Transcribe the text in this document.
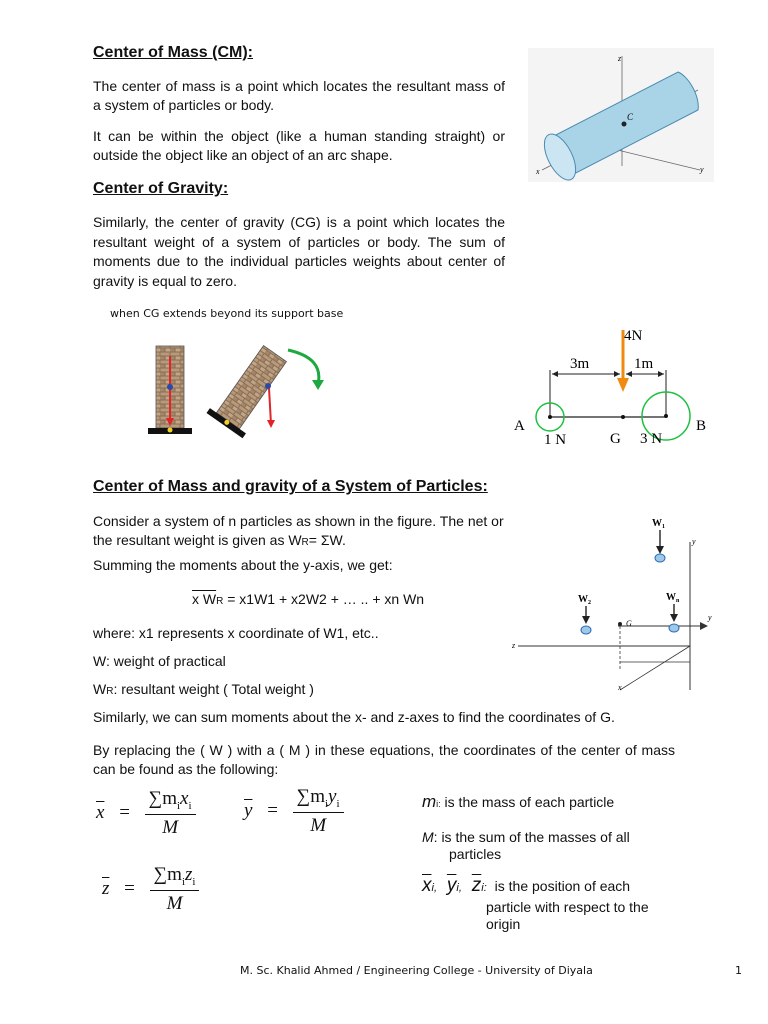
Center of Mass (CM):
The center of mass is a point which locates the resultant mass of a system of particles or body.
It can be within the object (like a human standing straight) or outside the object like an object of an arc shape.
C
z
x	y
Center of Gravity:
Similarly, the center of gravity (CG) is a point which locates the resultant weight of a system of particles or body. The sum of moments due to the individual particles weights about center of gravity is equal to zero.
when CG extends beyond its support base
4N
3m	1m
A	B
1 N	G 3 N
Center of Mass and gravity of a System of Particles:
Consider a system of n particles as shown in the figure. The net or the resultant weight is given as WR= ΣW.
Summing the moments about the y-axis, we get:
x WR = x1W1 + x2W2 + … .. + xn Wn
where: x1 represents x coordinate of W1, etc..
W: weight of practical
WR: resultant weight ( Total weight )
Similarly, we can sum moments about the x- and z-axes to find the coordinates of G.
By replacing the ( W ) with a ( M ) in these equations, the coordinates of the center of mass can be found as the following:
y
y
z
x
$W_1$
$W_2$	$W_n$
G
$\overline{x} = \frac{\sum m_ix_i}{M}$	$\overline{y} = \frac{\sum m_iy_i}{M}$
$\overline{z} = \frac{\sum m_iz_i}{M}$
mi: is the mass of each particle
M: is the sum of the masses of all
particles
$\overline{x}i$, $\overline{y}i$, $\overline{z}i$: is the position of each
particle with respect to the
origin
M. Sc. Khalid Ahmed / Engineering College - University of Diyala	1
